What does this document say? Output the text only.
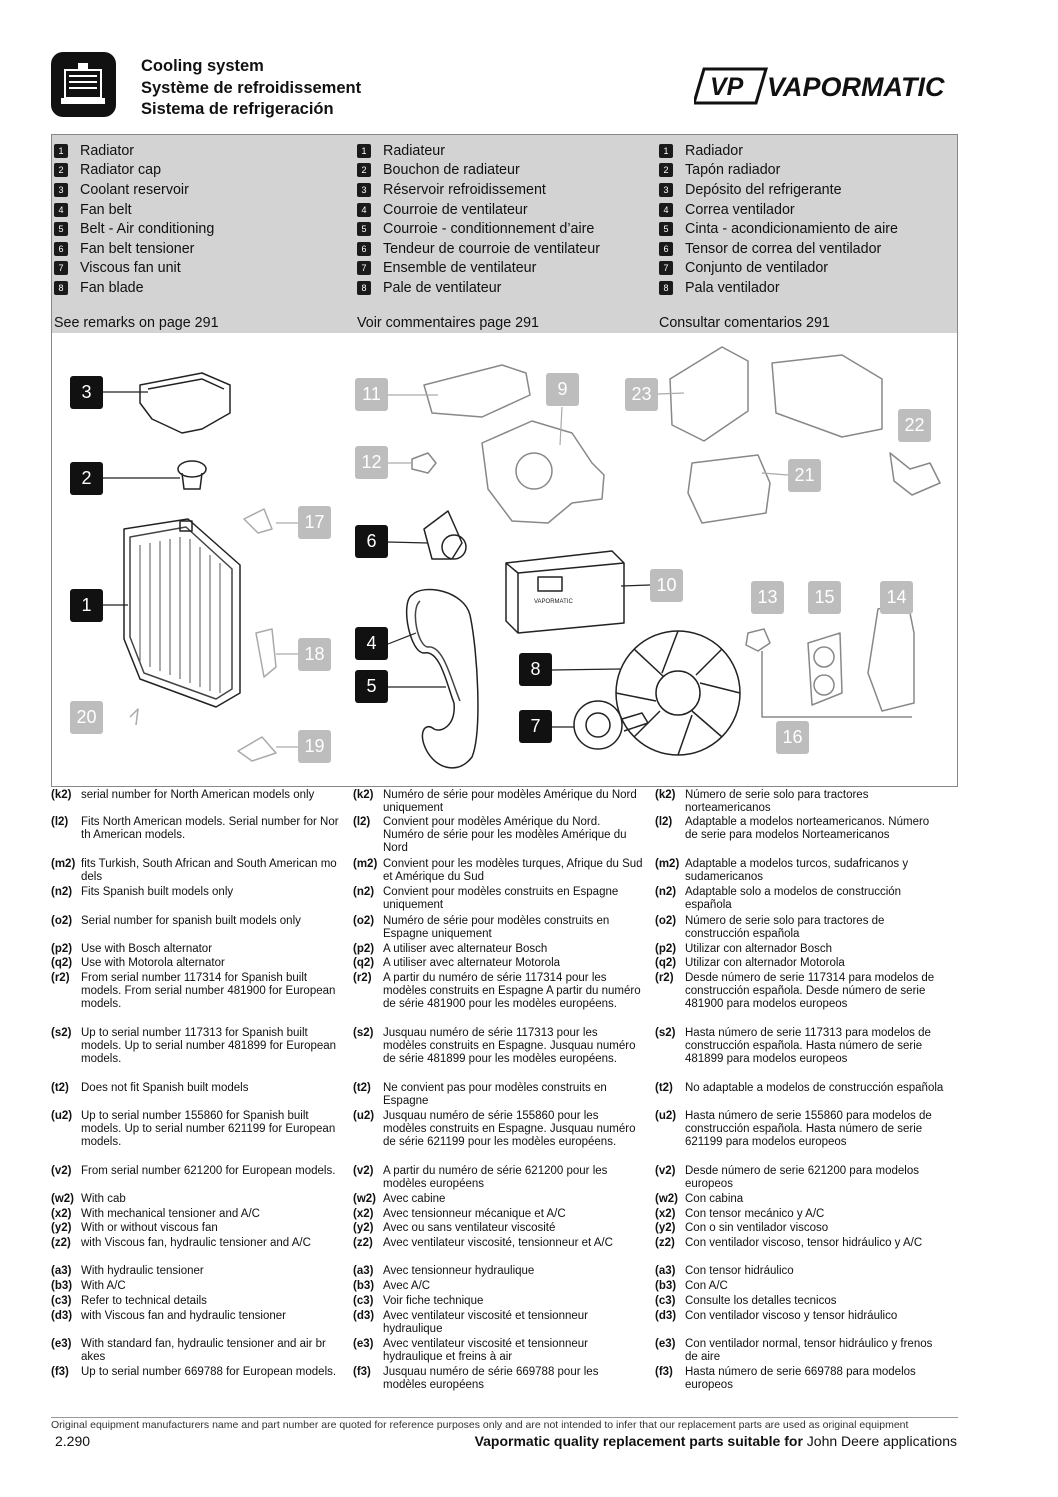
Cooling system
Système de refroidissement
Sistema de refrigeración
VP VAPORMATIC
1	Radiator
2	Radiator cap
3	Coolant reservoir
4	Fan belt
5	Belt - Air conditioning
6	Fan belt tensioner
7	Viscous fan unit
8	Fan blade
1	Radiateur
2	Bouchon de radiateur
3	Réservoir refroidissement
4	Courroie de ventilateur
5	Courroie - conditionnement d’aire
6	Tendeur de courroie de ventilateur
7	Ensemble de ventilateur
8	Pale de ventilateur
1	Radiador
2	Tapón radiador
3	Depósito del refrigerante
4	Correa ventilador
5	Cinta - acondicionamiento de aire
6	Tensor de correa del ventilador
7	Conjunto de ventilador
8	Pala ventilador
See remarks on page 291	Voir commentaires page 291	Consultar comentarios 291
VAPORMATIC
3
2
1
20
17
18
19
11
12
6
4
5
9
10
8
7
23
21
22
13	15	14
16
(k2) serial number for North American models only
(l2)	Fits North American models. Serial number for Nor th American models.
(m2) fits Turkish, South African and South American mo dels
(n2) Fits Spanish built models only
(o2) Serial number for spanish built models only
(p2) Use with Bosch alternator
(q2) Use with Motorola alternator
(r2) From serial number 117314 for Spanish built models. From serial number 481900 for European models.
(s2) Up to serial number 117313 for Spanish built models. Up to serial number 481899 for European models.
(t2)	Does not fit Spanish built models
(u2) Up to serial number 155860 for Spanish built models. Up to serial number 621199 for European models.
(v2) From serial number 621200 for European models.
(w2) With cab
(x2) With mechanical tensioner and A/C
(y2) With or without viscous fan
(z2) with Viscous fan, hydraulic tensioner and A/C
(a3) With hydraulic tensioner
(b3) With A/C
(c3) Refer to technical details
(d3) with Viscous fan and hydraulic tensioner
(e3) With standard fan, hydraulic tensioner and air br akes
(f3)	Up to serial number 669788 for European models.
(k2) Numéro de série pour modèles Amérique du Nord uniquement
(l2)	Convient pour modèles Amérique du Nord. Numéro de série pour les modèles Amérique du Nord
(m2) Convient pour les modèles turques, Afrique du Sud et Amérique du Sud
(n2) Convient pour modèles construits en Espagne uniquement
(o2) Numéro de série pour modèles construits en Espagne uniquement
(p2) A utiliser avec alternateur Bosch
(q2) A utiliser avec alternateur Motorola
(r2) A partir du numéro de série 117314 pour les modèles construits en Espagne A partir du numéro de série 481900 pour les modèles européens.
(s2) Jusquau numéro de série 117313 pour les modèles construits en Espagne. Jusquau numéro de série 481899 pour les modèles européens.
(t2)	Ne convient pas pour modèles construits en Espagne
(u2) Jusquau numéro de série 155860 pour les modèles construits en Espagne. Jusquau numéro de série 621199 pour les modèles européens.
(v2) A partir du numéro de série 621200 pour les modèles européens
(w2) Avec cabine
(x2) Avec tensionneur mécanique et A/C
(y2) Avec ou sans ventilateur viscosité
(z2) Avec ventilateur viscosité, tensionneur et A/C
(a3) Avec tensionneur hydraulique
(b3) Avec A/C
(c3) Voir fiche technique
(d3) Avec ventilateur viscosité et tensionneur hydraulique
(e3) Avec ventilateur viscosité et tensionneur hydraulique et freins à air
(f3)	Jusquau numéro de série 669788 pour les modèles européens
(k2) Número de serie solo para tractores norteamericanos
(l2)	Adaptable a modelos norteamericanos. Número de serie para modelos Norteamericanos
(m2) Adaptable a modelos turcos, sudafricanos y sudamericanos
(n2) Adaptable solo a modelos de construcción española
(o2) Número de serie solo para tractores de construcción española
(p2) Utilizar con alternador Bosch
(q2) Utilizar con alternador Motorola
(r2) Desde número de serie 117314 para modelos de construcción española. Desde número de serie 481900 para modelos europeos
(s2) Hasta número de serie 117313 para modelos de construcción española. Hasta número de serie 481899 para modelos europeos
(t2)	No adaptable a modelos de construcción española
(u2) Hasta número de serie 155860 para modelos de construcción española. Hasta número de serie 621199 para modelos europeos
(v2) Desde número de serie 621200 para modelos europeos
(w2) Con cabina
(x2) Con tensor mecánico y A/C
(y2) Con o sin ventilador viscoso
(z2) Con ventilador viscoso, tensor hidráulico y A/C
(a3) Con tensor hidráulico
(b3) Con A/C
(c3) Consulte los detalles tecnicos
(d3) Con ventilador viscoso y tensor hidráulico
(e3) Con ventilador normal, tensor hidráulico y frenos de aire
(f3)	Hasta número de serie 669788 para modelos europeos
Original equipment manufacturers name and part number are quoted for reference purposes only and are not intended to infer that our replacement parts are used as original equipment
2.290	Vapormatic quality replacement parts suitable for John Deere applications
